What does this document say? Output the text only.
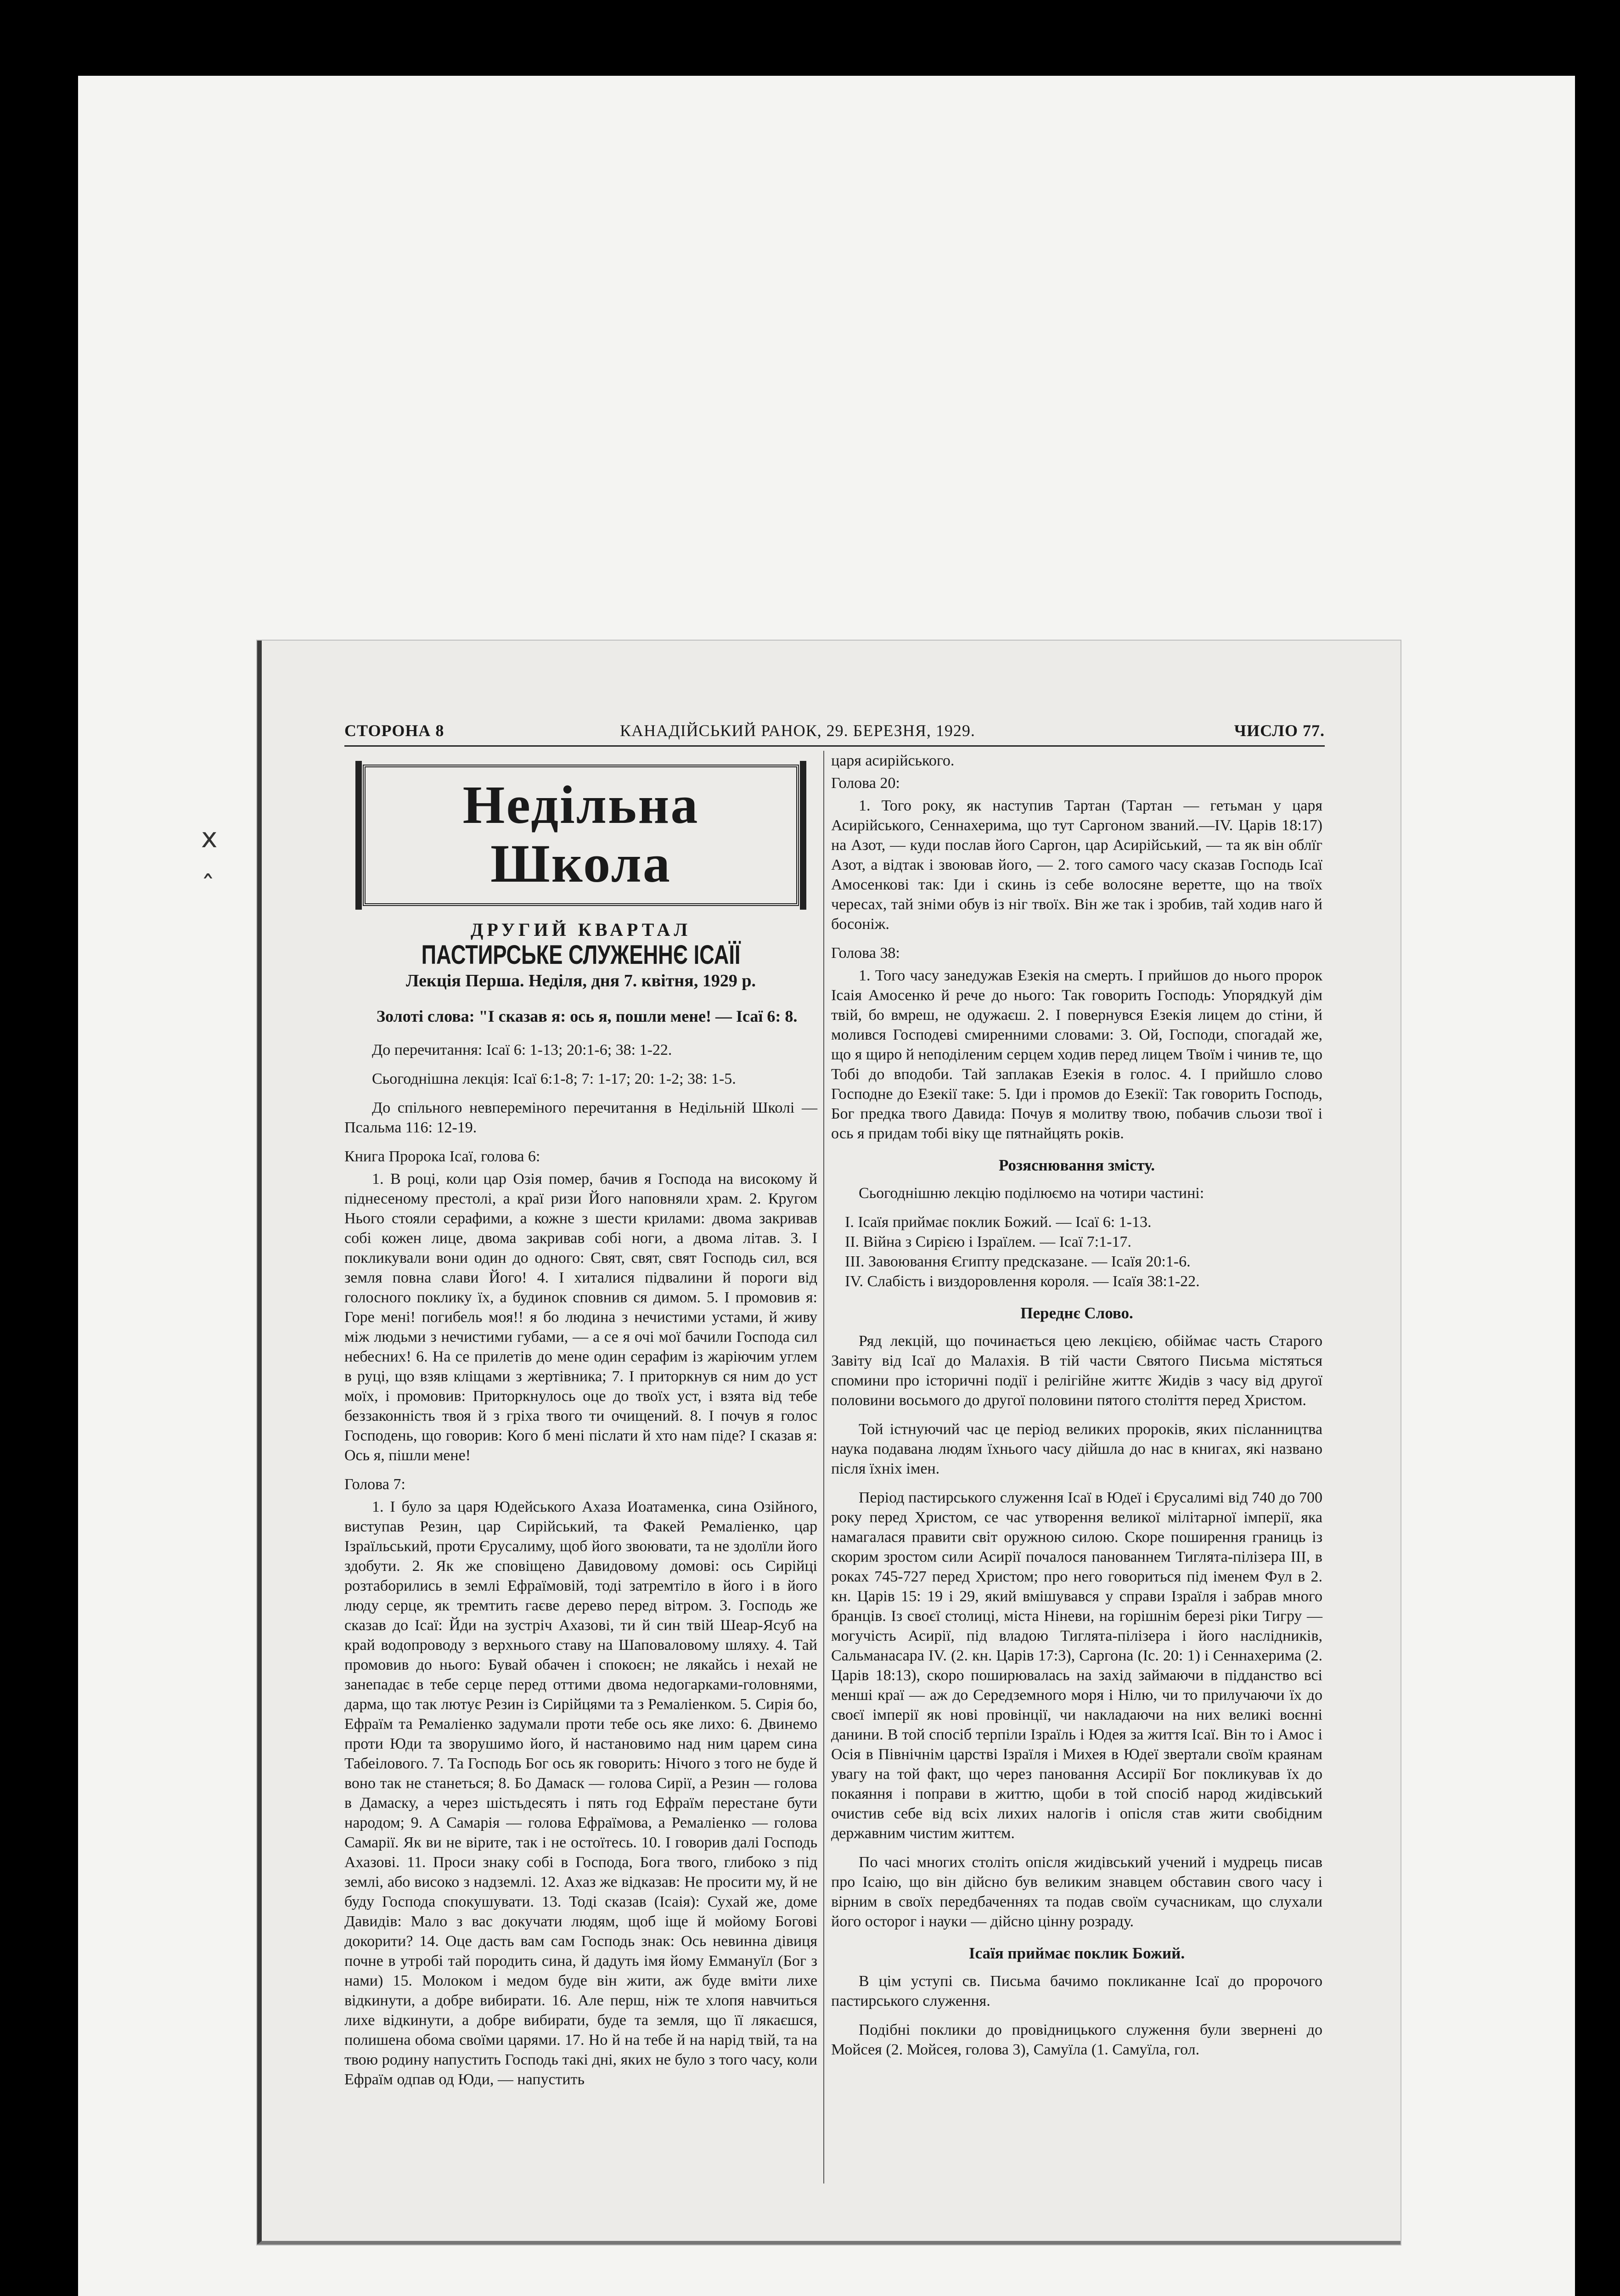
x
ˆ
СТОРОНА 8	КАНАДІЙСЬКИЙ РАНОК, 29. БЕРЕЗНЯ, 1929.	ЧИСЛО 77.
Недільна Школа
ДРУГИЙ КВАРТАЛ
ПАСТИРСЬКЕ СЛУЖЕННЄ ІСАЇЇ
Лекція Перша. Неділя, дня 7. квітня, 1929 р.
Золоті слова: "І сказав я: ось я, пошли мене! — Ісаї 6: 8.
До перечитання: Ісаї 6: 1-13; 20:1-6; 38: 1-22.
Сьогоднішна лекція: Ісаї 6:1-8; 7: 1-17; 20: 1-2; 38: 1-5.
До спільного невпереміного перечитання в Недільній Школі — Псальма 116: 12-19.
Книга Пророка Ісаї, голова 6:
1. В році, коли цар Озія помер, бачив я Господа на високому й піднесеному престолі, а краї ризи Його наповняли храм. 2. Кругом Нього стояли серафими, а кожне з шести крилами: двома закривав собі кожен лице, двома закривав собі ноги, а двома літав. 3. І покликували вони один до одного: Свят, свят, свят Господь сил, вся земля повна слави Його! 4. І хиталися підвалини й пороги від голосного поклику їх, а будинок сповнив ся димом. 5. І промовив я: Горе мені! погибель моя!! я бо людина з нечистими устами, й живу між людьми з нечистими губами, — а се я очі мої бачили Господа сил небесних! 6. На се прилетів до мене один серафим із жаріючим углем в руці, що взяв кліщами з жертівника; 7. І приторкнув ся ним до уст моїх, і промовив: Приторкнулось оце до твоїх уст, і взята від тебе беззаконність твоя й з гріха твого ти очищений. 8. І почув я голос Господень, що говорив: Кого б мені післати й хто нам піде? І сказав я: Ось я, пішли мене!
Голова 7:
1. І було за царя Юдейського Ахаза Иоатаменка, сина Озійного, виступав Резин, цар Сирійський, та Факей Ремаліенко, цар Ізраїльський, проти Єрусалиму, щоб його звоювати, та не здолїли його здобути. 2. Як же сповіщено Давидовому домові: ось Сирійці розтаборились в землі Ефраїмовій, тоді затремтіло в його і в його люду серце, як тремтить гаєве дерево перед вітром. 3. Господь же сказав до Ісаї: Йди на зустріч Ахазові, ти й син твій Шеар-Ясуб на край водопроводу з верхнього ставу на Шаповаловому шляху. 4. Тай промовив до нього: Бувай обачен і спокоєн; не лякайсь і нехай не занепадає в тебе серце перед оттими двома недогарками-головнями, дарма, що так лютує Резин із Сирійцями та з Ремаліенком. 5. Сирія бо, Ефраїм та Ремаліенко задумали проти тебе ось яке лихо: 6. Двинемо проти Юди та зворушимо його, й настановимо над ним царем сина Табеілового. 7. Та Господь Бог ось як говорить: Нічого з того не буде й воно так не станеться; 8. Бо Дамаск — голова Сирії, а Резин — голова в Дамаску, а через шістьдесять і пять год Ефраїм перестане бути народом; 9. А Самарія — голова Ефраїмова, а Ремаліенко — голова Самарії. Як ви не вірите, так і не остоїтесь. 10. І говорив далі Господь Ахазові. 11. Проси знаку собі в Господа, Бога твого, глибоко з під землі, або високо з надземлі. 12. Ахаз же відказав: Не просити му, й не буду Господа спокушувати. 13. Тоді сказав (Ісаія): Сухай же, доме Давидів: Мало з вас докучати людям, щоб іще й мойому Богові докорити? 14. Оце дасть вам сам Господь знак: Ось невинна дівиця почне в утробі тай породить сина, й дадуть імя йому Еммануїл (Бог з нами) 15. Молоком і медом буде він жити, аж буде вміти лихе відкинути, а добре вибирати. 16. Але перш, ніж те хлопя навчиться лихе відкинути, а добре вибирати, буде та земля, що її лякаєшся, полишена обома своїми царями. 17. Но й на тебе й на нарід твій, та на твою родину напустить Господь такі дні, яких не було з того часу, коли Ефраїм одпав од Юди, — напустить
царя асирійського.
Голова 20:
1. Того року, як наступив Тартан (Тартан — гетьман у царя Асирійського, Сеннахерима, що тут Саргоном званий.—IV. Царів 18:17) на Азот, — куди послав його Саргон, цар Асирійський, — та як він облїг Азот, а відтак і звоював його, — 2. того самого часу сказав Господь Ісаї Амосенкові так: Іди і скинь із себе волосяне веретте, що на твоїх чересах, тай зніми обув із ніг твоїх. Він же так і зробив, тай ходив наго й босоніж.
Голова 38:
1. Того часу занедужав Езекія на смерть. І прийшов до нього пророк Ісаія Амосенко й рече до нього: Так говорить Господь: Упорядкуй дім твій, бо вмреш, не одужаєш. 2. І повернувся Езекія лицем до стіни, й молився Господеві смиренними словами: 3. Ой, Господи, спогадай же, що я щиро й неподіленим серцем ходив перед лицем Твоїм і чинив те, що Тобі до вподоби. Тай заплакав Езекія в голос. 4. І прийшло слово Господне до Езекії таке: 5. Іди і промов до Езекії: Так говорить Господь, Бог предка твого Давида: Почув я молитву твою, побачив сльози твої і ось я придам тобі віку ще пятнайцять років.
Розяснювання змісту.
Сьогоднішню лекцію поділюємо на чотири частині:
І. Ісаїя приймає поклик Божий. — Ісаї 6: 1-13.
II. Війна з Сирією і Ізраїлем. — Ісаї 7:1-17.
III. Завоювання Єгипту предсказане. — Ісаїя 20:1-6.
IV. Слабість і виздоровлення короля. — Ісаїя 38:1-22.
Переднє Слово.
Ряд лекцій, що починається цею лекцією, обіймає часть Старого Завіту від Ісаї до Малахія. В тій части Святого Письма містяться спомини про історичні події і релігійне життє Жидів з часу від другої половини восьмого до другої половини пятого століття перед Христом.
Той істнуючий час це період великих пророків, яких післанництва наука подавана людям їхнього часу дійшла до нас в книгах, які названо після їхніх імен.
Період пастирського служення Ісаї в Юдеї і Єрусалимі від 740 до 700 року перед Христом, се час утворення великої мілітарної імперії, яка намагалася правити світ оружною силою. Скоре поширення границь із скорим зростом сили Асирії почалося панованнем Тиглята-пілізера ІІІ, в роках 745-727 перед Христом; про него говориться під іменем Фул в 2. кн. Царів 15: 19 і 29, який вмішувався у справи Ізраїля і забрав много бранців. Із своєї столиці, міста Ніневи, на горішнім березі ріки Тигру — могучість Асирії, під владою Тиглята-пілізера і його наслідників, Сальманасара IV. (2. кн. Царів 17:3), Саргона (Іс. 20: 1) і Сеннахерима (2. Царів 18:13), скоро поширювалась на захід займаючи в підданство всі менші краї — аж до Середземного моря і Нілю, чи то прилучаючи їх до своєї імперії як нові провінції, чи накладаючи на них великі воєнні данини. В той спосіб терпіли Ізраїль і Юдея за життя Ісаї. Він то і Амос і Осія в Північнім царстві Ізраїля і Михея в Юдеї звертали своїм краянам увагу на той факт, що через пановання Ассирії Бог покликував їх до покаяння і поправи в життю, щоби в той спосіб народ жидівський очистив себе від всіх лихих налогів і опісля став жити свобідним державним чистим життєм.
По часі многих століть опісля жидівський учений і мудрець писав про Ісаію, що він дійсно був великим знавцем обставин свого часу і вірним в своїх передбаченнях та подав своїм сучасникам, що слухали його осторог і науки — дійсно цінну розраду.
Ісаїя приймає поклик Божий.
В цім уступі св. Письма бачимо покликанне Ісаї до пророчого пастирського служення.
Подібні поклики до провідницького служення були звернені до Мойсея (2. Мойсея, голова 3), Самуїла (1. Самуїла, гол.
